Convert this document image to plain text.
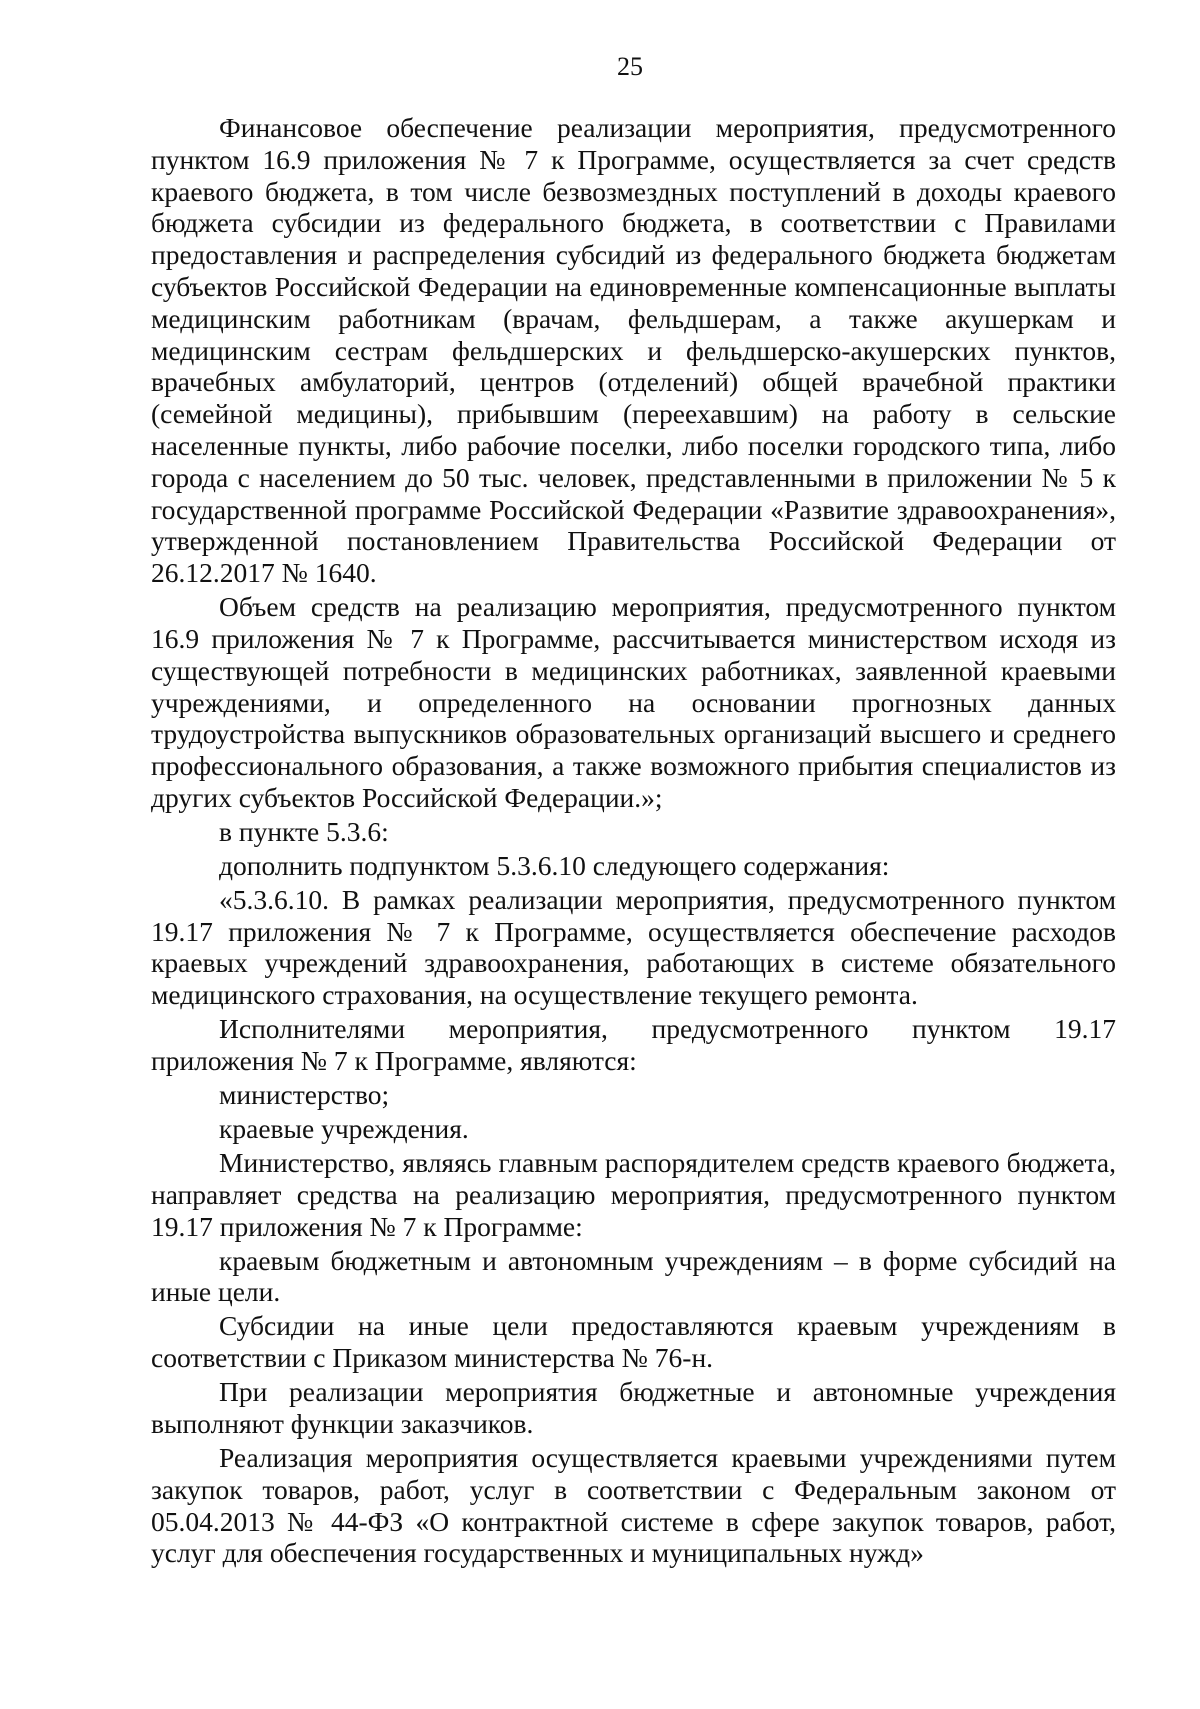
25

Финансовое обеспечение реализации мероприятия, предусмотренного пунктом 16.9 приложения № 7 к Программе, осуществляется за счет средств краевого бюджета, в том числе безвозмездных поступлений в доходы краевого бюджета субсидии из федерального бюджета, в соответствии с Правилами предоставления и распределения субсидий из федерального бюджета бюджетам субъектов Российской Федерации на единовременные компенсационные выплаты медицинским работникам (врачам, фельдшерам, а также акушеркам и медицинским сестрам фельдшерских и фельдшерско-акушерских пунктов, врачебных амбулаторий, центров (отделений) общей врачебной практики (семейной медицины), прибывшим (переехавшим) на работу в сельские населенные пункты, либо рабочие поселки, либо поселки городского типа, либо города с населением до 50 тыс. человек, представленными в приложении № 5 к государственной программе Российской Федерации «Развитие здравоохранения», утвержденной постановлением Правительства Российской Федерации от 26.12.2017 № 1640.

Объем средств на реализацию мероприятия, предусмотренного пунктом 16.9 приложения № 7 к Программе, рассчитывается министерством исходя из существующей потребности в медицинских работниках, заявленной краевыми учреждениями, и определенного на основании прогнозных данных трудоустройства выпускников образовательных организаций высшего и среднего профессионального образования, а также возможного прибытия специалистов из других субъектов Российской Федерации.»;

в пункте 5.3.6:

дополнить подпунктом 5.3.6.10 следующего содержания:

«5.3.6.10. В рамках реализации мероприятия, предусмотренного пунктом 19.17 приложения № 7 к Программе, осуществляется обеспечение расходов краевых учреждений здравоохранения, работающих в системе обязательного медицинского страхования, на осуществление текущего ремонта.

Исполнителями мероприятия, предусмотренного пунктом 19.17 приложения № 7 к Программе, являются:

министерство;

краевые учреждения.

Министерство, являясь главным распорядителем средств краевого бюджета, направляет средства на реализацию мероприятия, предусмотренного пунктом 19.17 приложения № 7 к Программе:

краевым бюджетным и автономным учреждениям – в форме субсидий на иные цели.

Субсидии на иные цели предоставляются краевым учреждениям в соответствии с Приказом министерства № 76-н.

При реализации мероприятия бюджетные и автономные учреждения выполняют функции заказчиков.

Реализация мероприятия осуществляется краевыми учреждениями путем закупок товаров, работ, услуг в соответствии с Федеральным законом от 05.04.2013 № 44-ФЗ «О контрактной системе в сфере закупок товаров, работ, услуг для обеспечения государственных и муниципальных нужд»
